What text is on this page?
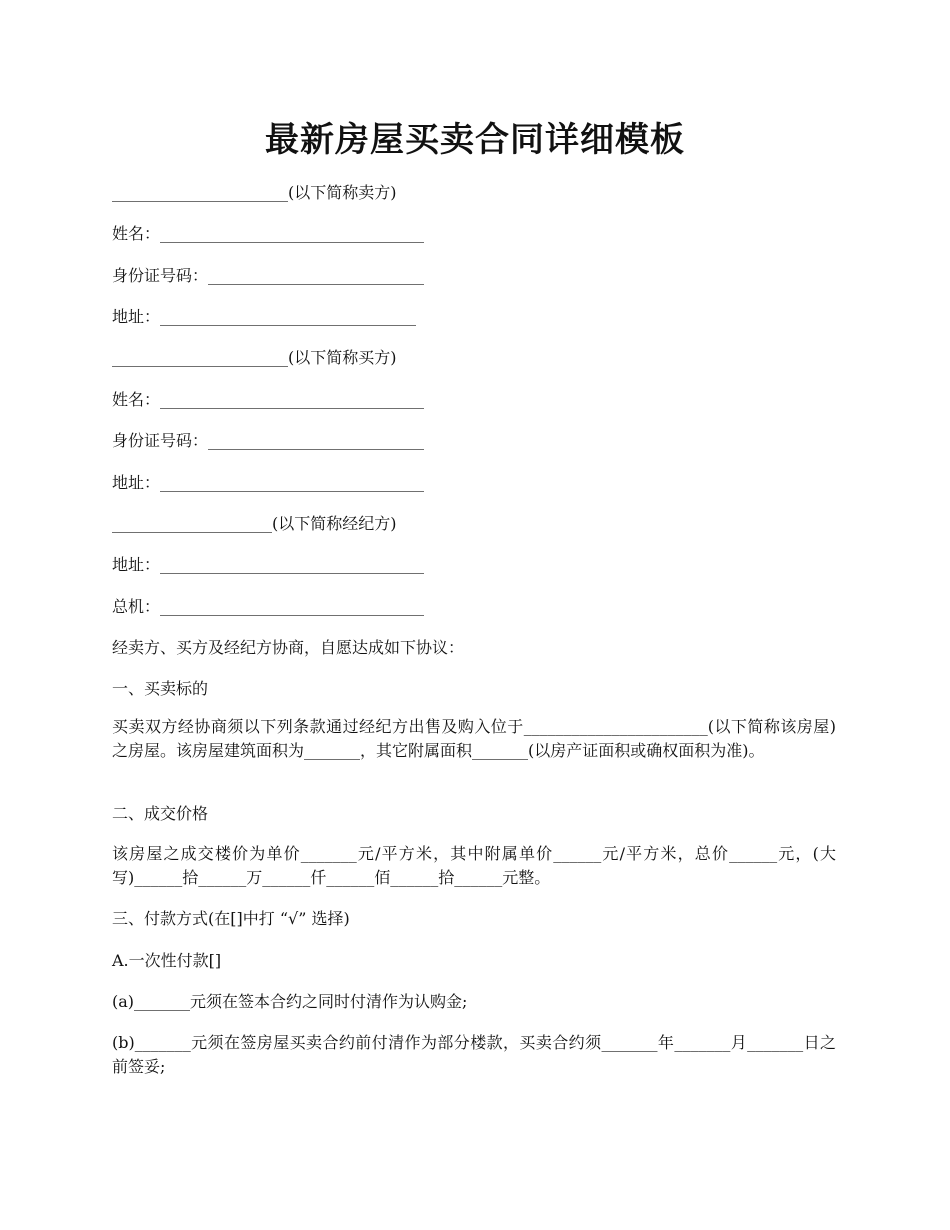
最新房屋买卖合同详细模板
______________________(以下简称卖方)
姓名：_________________________________
身份证号码：___________________________
地址：________________________________
______________________(以下简称买方)
姓名：_________________________________
身份证号码：___________________________
地址：_________________________________
____________________(以下简称经纪方)
地址：_________________________________
总机：_________________________________
经卖方、买方及经纪方协商，自愿达成如下协议：
一、买卖标的
买卖双方经协商须以下列条款通过经纪方出售及购入位于_______________________(以下简称该房屋)之房屋。该房屋建筑面积为_______，其它附属面积_______(以房产证面积或确权面积为准)。
二、成交价格
该房屋之成交楼价为单价_______元/平方米，其中附属单价______元/平方米，总价______元，(大写)______拾______万______仟______佰______拾______元整。
三、付款方式(在[]中打 “√” 选择)
A.一次性付款[]
(a)_______元须在签本合约之同时付清作为认购金;
(b)_______元须在签房屋买卖合约前付清作为部分楼款，买卖合约须_______年_______月_______日之前签妥;
